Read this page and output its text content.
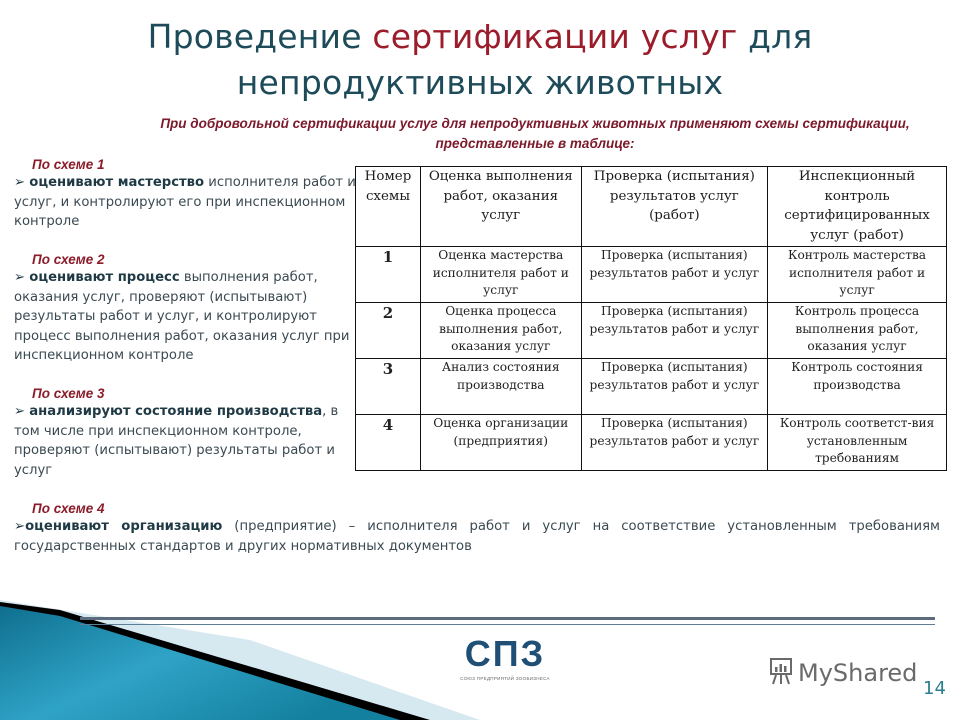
Проведение сертификации услуг для
непродуктивных животных
При добровольной сертификации услуг для непродуктивных животных применяют схемы сертификации, представленные в таблице:
По схеме 1
➢ оценивают мастерство исполнителя работ и услуг, и контролируют его при инспекционном контроле
По схеме 2
➢ оценивают процесс выполнения работ, оказания услуг, проверяют (испытывают) результаты работ и услуг, и контролируют процесс выполнения работ, оказания услуг при инспекционном контроле
По схеме 3
➢ анализируют состояние производства, в том числе при инспекционном контроле, проверяют (испытывают) результаты работ и услуг
По схеме 4
➢оценивают организацию (предприятие) – исполнителя работ и услуг на соответствие установленным требованиям государственных стандартов и других нормативных документов
Номер схемы	Оценка выполнения работ, оказания услуг	Проверка (испытания) результатов услуг (работ)	Инспекционный контроль сертифицированных услуг (работ)
1	Оценка мастерства исполнителя работ и услуг	Проверка (испытания) результатов работ и услуг	Контроль мастерства исполнителя работ и услуг
2	Оценка процесса выполнения работ, оказания услуг	Проверка (испытания) результатов работ и услуг	Контроль процесса выполнения работ, оказания услуг
3	Анализ состояния производства	Проверка (испытания) результатов работ и услуг	Контроль состояния производства
4	Оценка организации (предприятия)	Проверка (испытания) результатов работ и услуг	Контроль соответст-вия установленным требованиям
СПЗ
СОЮЗ ПРЕДПРИЯТИЙ ЗООБИЗНЕСА	MyShared
14
